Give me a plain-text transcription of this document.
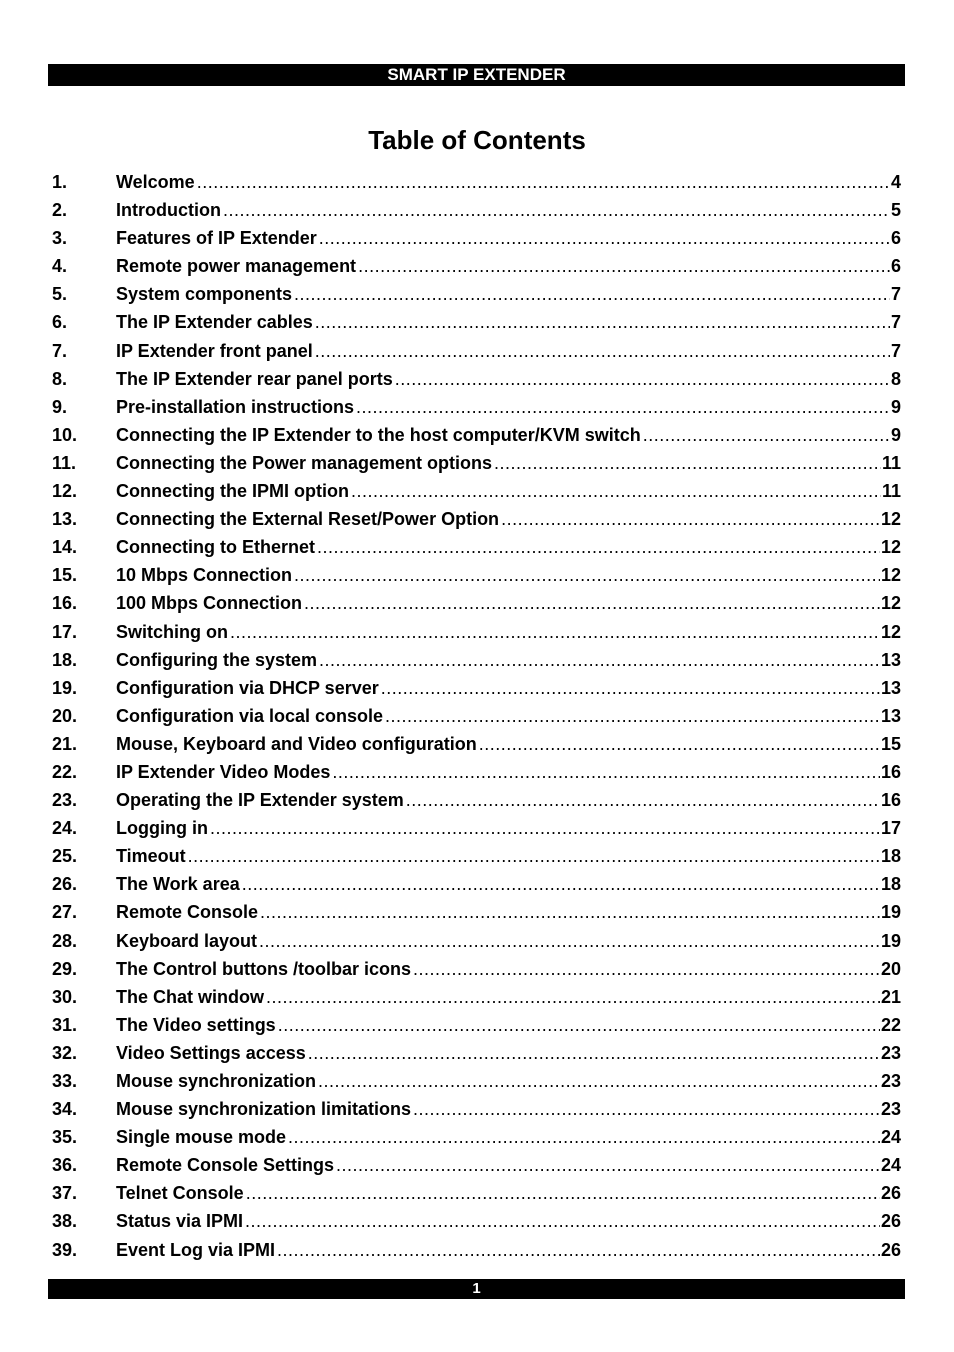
SMART IP EXTENDER
Table of Contents
1.	Welcome .....	4
2.	Introduction .....	5
3.	Features of IP Extender .....	6
4.	Remote power management .....	6
5.	System components .....	7
6.	The IP Extender cables .....	7
7.	IP Extender front panel .....	7
8.	The IP Extender rear panel ports .....	8
9.	Pre-installation instructions .....	9
10.	Connecting the IP Extender to the host computer/KVM switch .....	9
11.	Connecting the Power management options .....	11
12.	Connecting the IPMI option .....	11
13.	Connecting the External Reset/Power Option .....	12
14.	Connecting to Ethernet .....	12
15.	10 Mbps Connection .....	12
16.	100 Mbps Connection .....	12
17.	Switching on .....	12
18.	Configuring the system .....	13
19.	Configuration via DHCP server .....	13
20.	Configuration via local console .....	13
21.	Mouse, Keyboard and Video configuration .....	15
22.	IP Extender Video Modes .....	16
23.	Operating the IP Extender system .....	16
24.	Logging in .....	17
25.	Timeout .....	18
26.	The Work area .....	18
27.	Remote Console .....	19
28.	Keyboard layout .....	19
29.	The Control buttons /toolbar icons .....	20
30.	The Chat window .....	21
31.	The Video settings .....	22
32.	Video Settings access .....	23
33.	Mouse synchronization .....	23
34.	Mouse synchronization limitations .....	23
35.	Single mouse mode .....	24
36.	Remote Console Settings .....	24
37.	Telnet Console .....	26
38.	Status via IPMI .....	26
39.	Event Log via IPMI .....	26
1
